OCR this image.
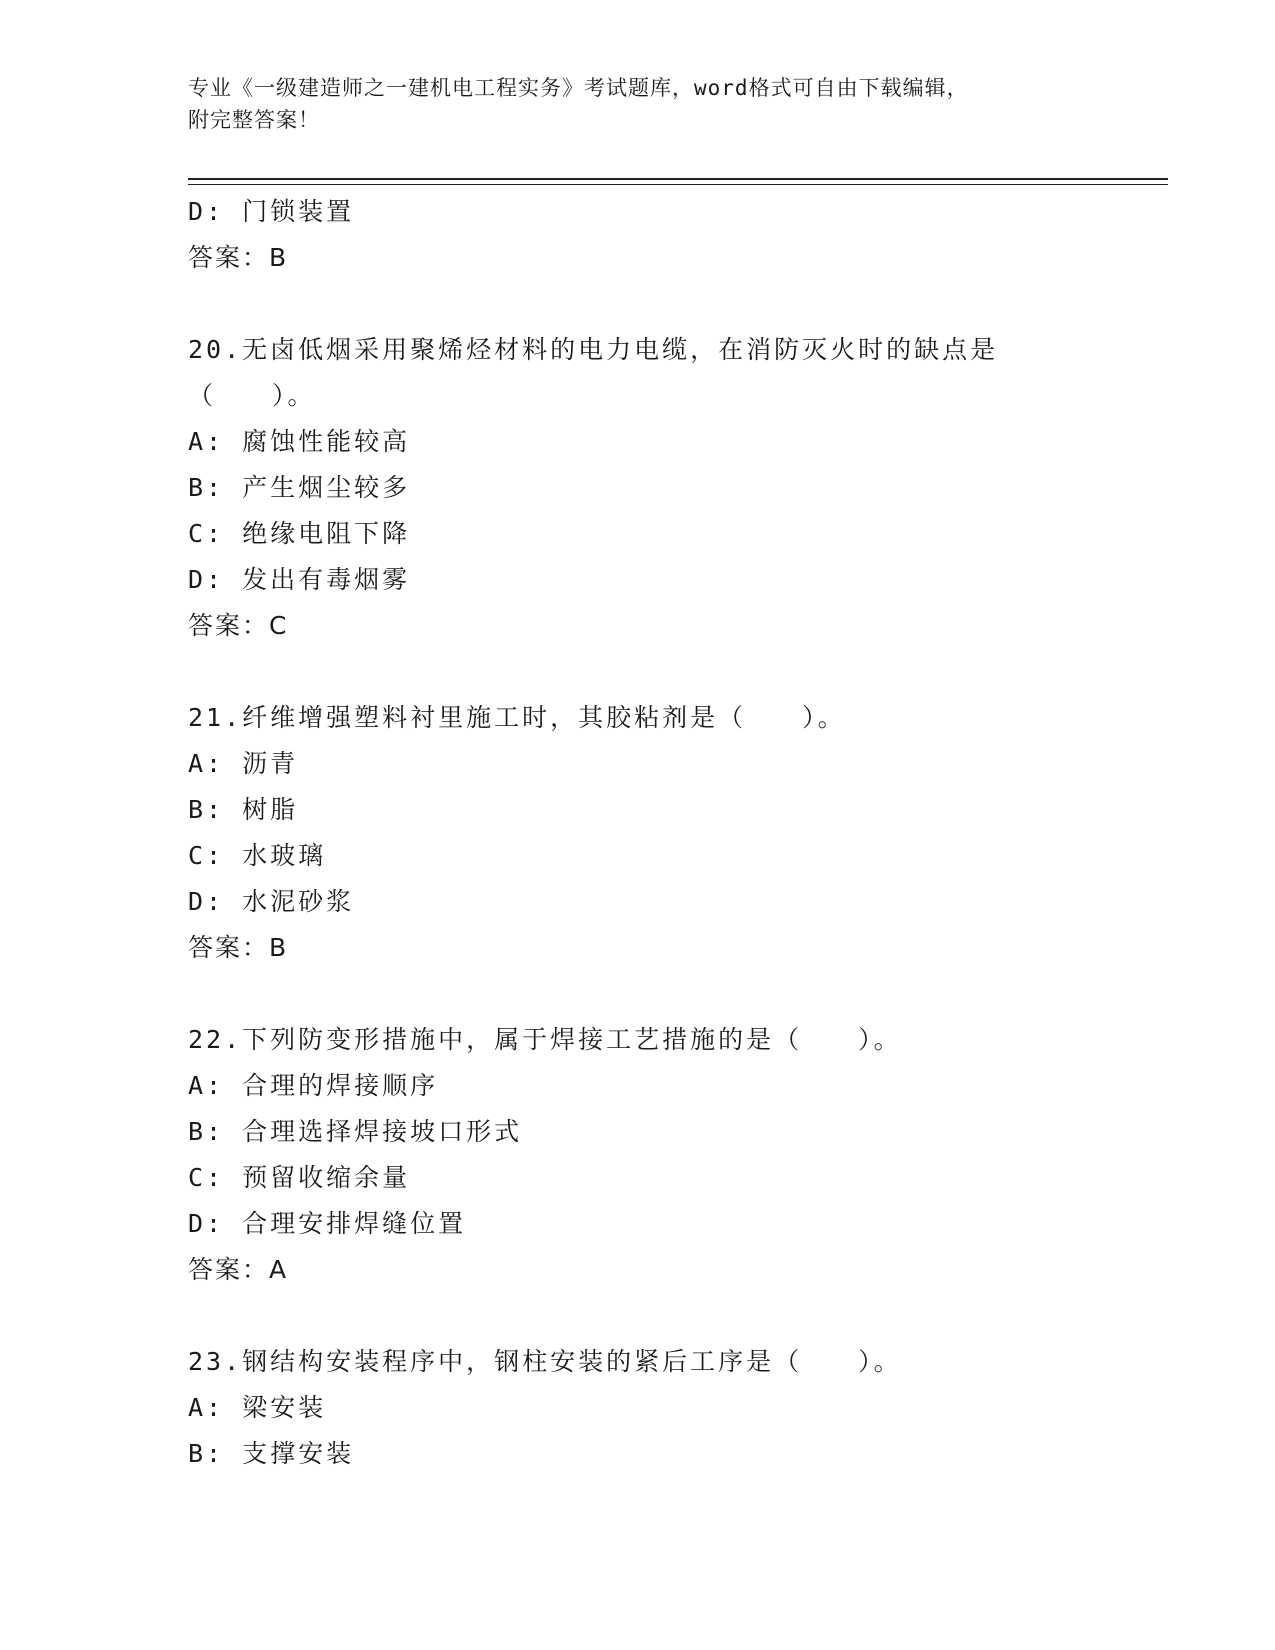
专业《一级建造师之一建机电工程实务》考试题库，word格式可自由下载编辑，
附完整答案！

D: 门锁装置
答案：B
20.无卤低烟采用聚烯烃材料的电力电缆，在消防灭火时的缺点是（　　）。
A: 腐蚀性能较高
B: 产生烟尘较多
C: 绝缘电阻下降
D: 发出有毒烟雾
答案：C
21.纤维增强塑料衬里施工时，其胶粘剂是（　　）。
A: 沥青
B: 树脂
C: 水玻璃
D: 水泥砂浆
答案：B
22.下列防变形措施中，属于焊接工艺措施的是（　　）。
A: 合理的焊接顺序
B: 合理选择焊接坡口形式
C: 预留收缩余量
D: 合理安排焊缝位置
答案：A
23.钢结构安装程序中，钢柱安装的紧后工序是（　　）。
A: 梁安装
B: 支撑安装
